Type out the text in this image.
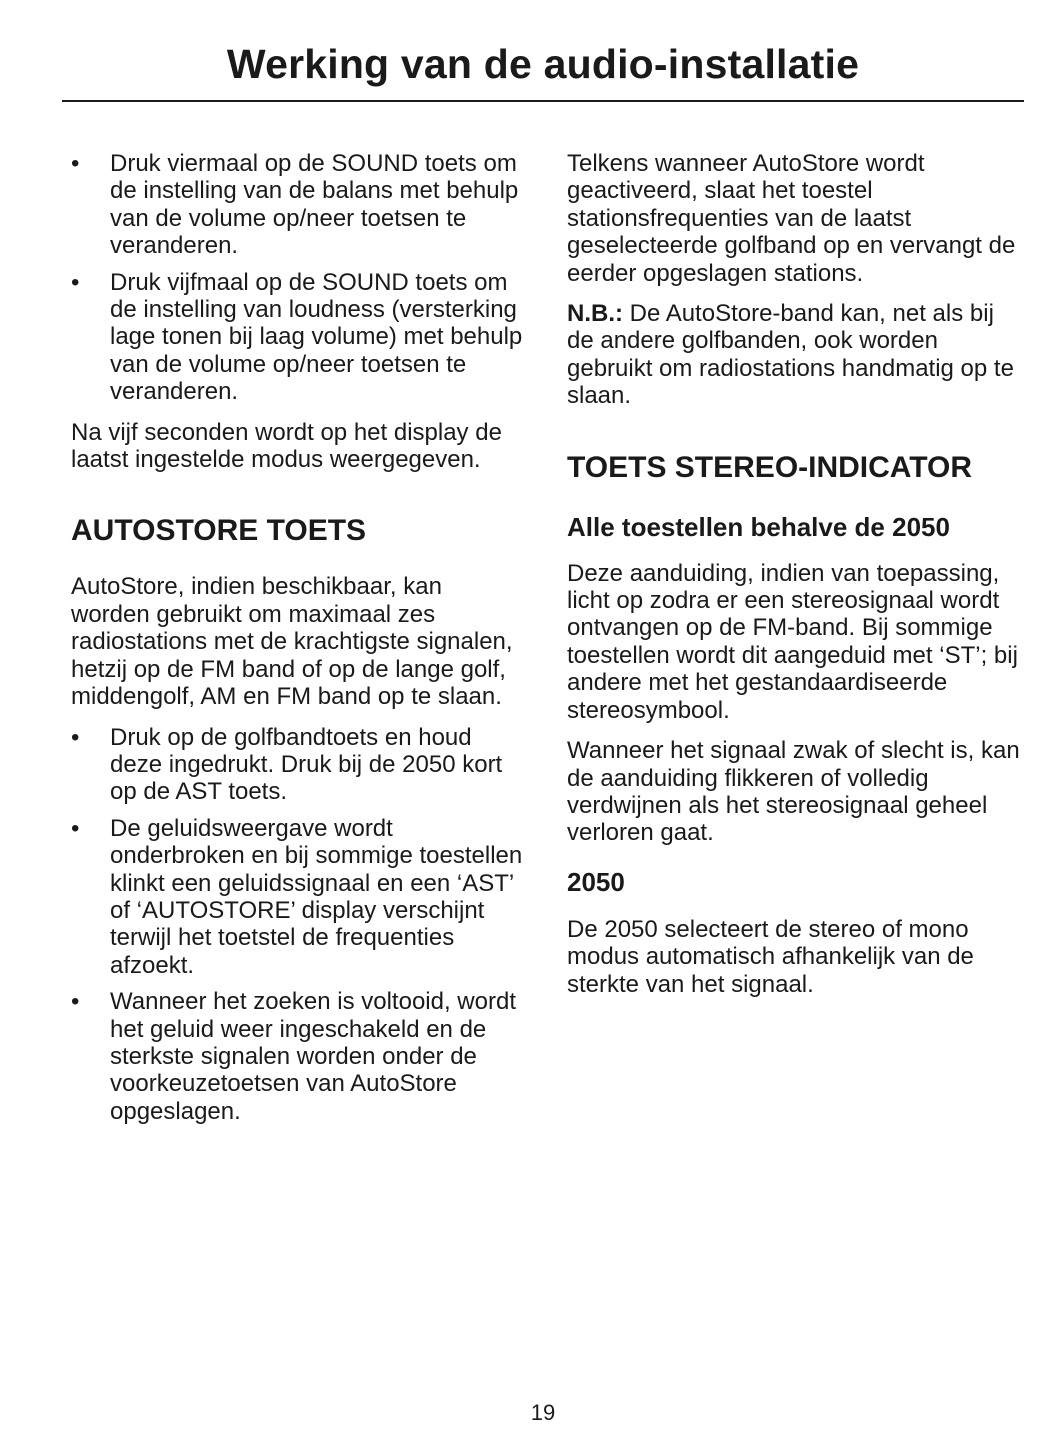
Werking van de audio-installatie
• Druk viermaal op de SOUND toets om de instelling van de balans met behulp van de volume op/neer toetsen te veranderen.
• Druk vijfmaal op de SOUND toets om de instelling van loudness (versterking lage tonen bij laag volume) met behulp van de volume op/neer toetsen te veranderen.

Na vijf seconden wordt op het display de laatst ingestelde modus weergegeven.

AUTOSTORE TOETS

AutoStore, indien beschikbaar, kan worden gebruikt om maximaal zes radiostations met de krachtigste signalen, hetzij op de FM band of op de lange golf, middengolf, AM en FM band op te slaan.

• Druk op de golfbandtoets en houd deze ingedrukt. Druk bij de 2050 kort op de AST toets.
• De geluidsweergave wordt onderbroken en bij sommige toestellen klinkt een geluidssignaal en een ‘AST’ of ‘AUTOSTORE’ display verschijnt terwijl het toetstel de frequenties afzoekt.
• Wanneer het zoeken is voltooid, wordt het geluid weer ingeschakeld en de sterkste signalen worden onder de voorkeuzetoetsen van AutoStore opgeslagen.

Telkens wanneer AutoStore wordt geactiveerd, slaat het toestel stationsfrequenties van de laatst geselecteerde golfband op en vervangt de eerder opgeslagen stations.

N.B.: De AutoStore-band kan, net als bij de andere golfbanden, ook worden gebruikt om radiostations handmatig op te slaan.

TOETS STEREO-INDICATOR
Alle toestellen behalve de 2050

Deze aanduiding, indien van toepassing, licht op zodra er een stereosignaal wordt ontvangen op de FM-band. Bij sommige toestellen wordt dit aangeduid met ‘ST’; bij andere met het gestandaardiseerde stereosymbool.

Wanneer het signaal zwak of slecht is, kan de aanduiding flikkeren of volledig verdwijnen als het stereosignaal geheel verloren gaat.

2050

De 2050 selecteert de stereo of mono modus automatisch afhankelijk van de sterkte van het signaal.

19
